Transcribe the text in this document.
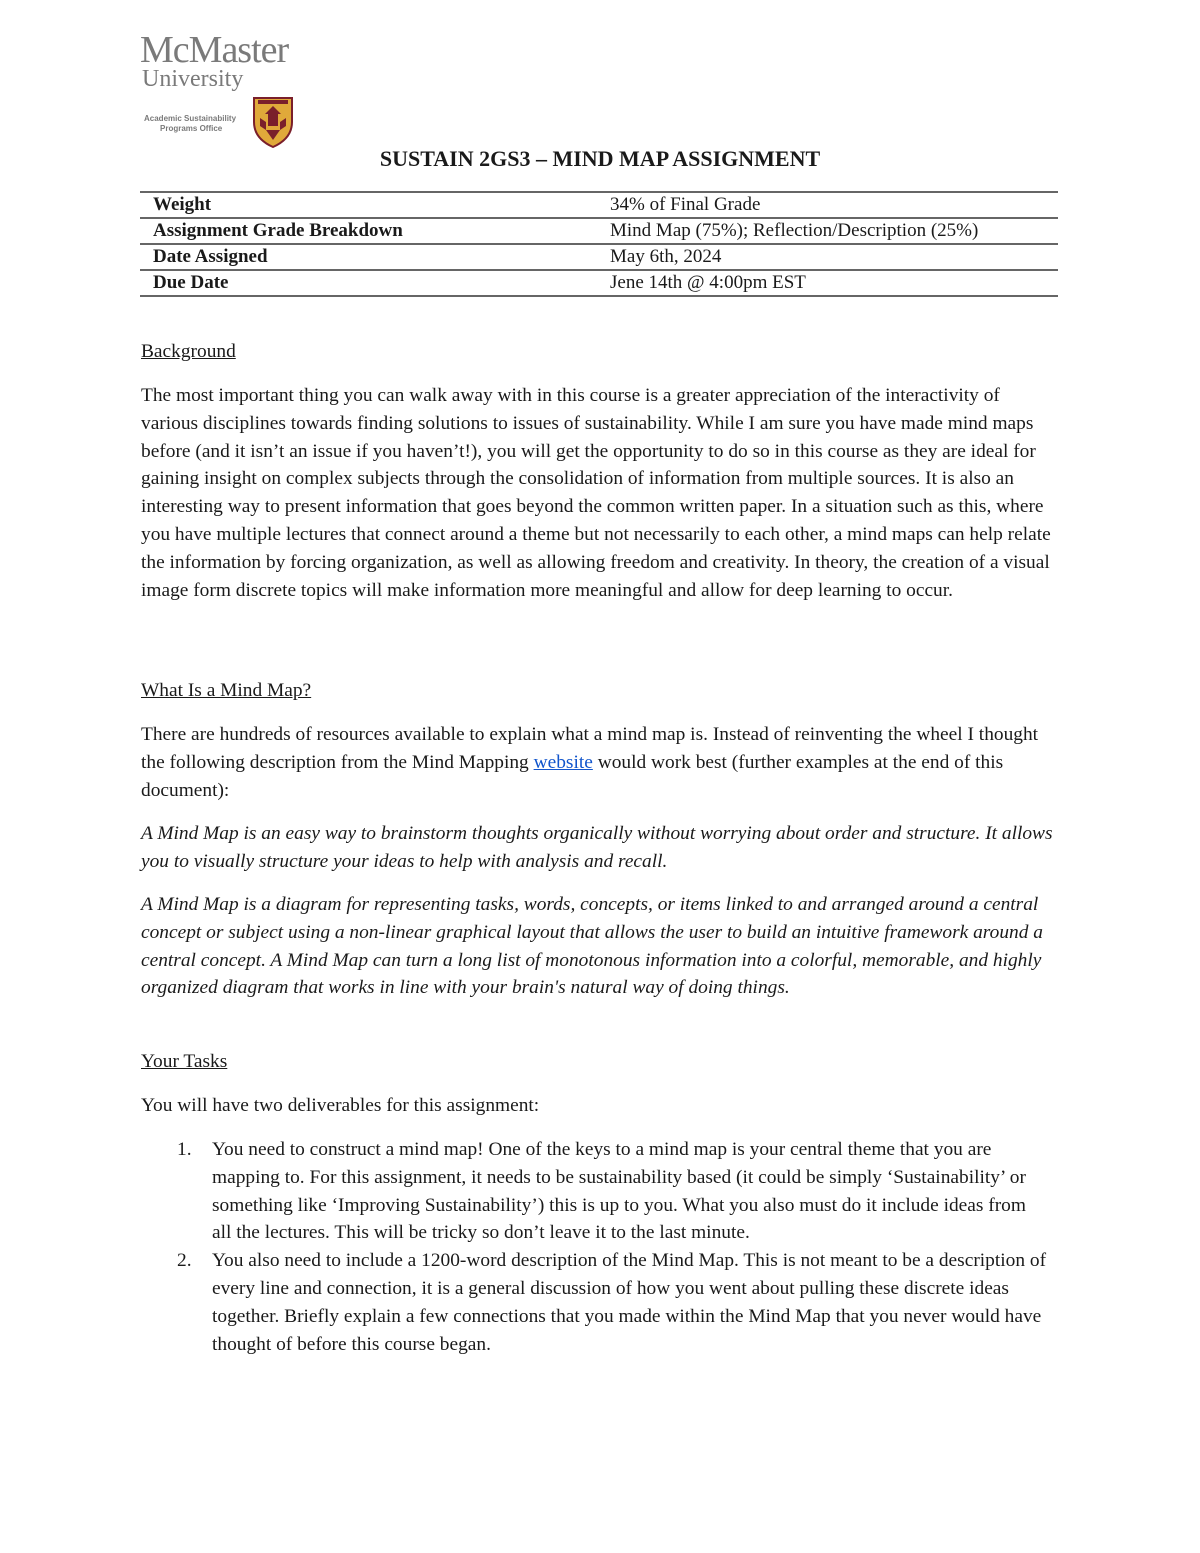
McMaster
University
Academic Sustainability
Programs Office
SUSTAIN 2GS3 – MIND MAP ASSIGNMENT
Weight	34% of Final Grade
Assignment Grade Breakdown	Mind Map (75%); Reflection/Description (25%)
Date Assigned	May 6th, 2024
Due Date	Jene 14th @ 4:00pm EST

Background

The most important thing you can walk away with in this course is a greater appreciation of the interactivity of various disciplines towards finding solutions to issues of sustainability. While I am sure you have made mind maps before (and it isn’t an issue if you haven’t!), you will get the opportunity to do so in this course as they are ideal for gaining insight on complex subjects through the consolidation of information from multiple sources. It is also an interesting way to present information that goes beyond the common written paper. In a situation such as this, where you have multiple lectures that connect around a theme but not necessarily to each other, a mind maps can help relate the information by forcing organization, as well as allowing freedom and creativity. In theory, the creation of a visual image form discrete topics will make information more meaningful and allow for deep learning to occur.

What Is a Mind Map?

There are hundreds of resources available to explain what a mind map is. Instead of reinventing the wheel I thought the following description from the Mind Mapping website would work best (further examples at the end of this document):

A Mind Map is an easy way to brainstorm thoughts organically without worrying about order and structure. It allows you to visually structure your ideas to help with analysis and recall.

A Mind Map is a diagram for representing tasks, words, concepts, or items linked to and arranged around a central concept or subject using a non-linear graphical layout that allows the user to build an intuitive framework around a central concept. A Mind Map can turn a long list of monotonous information into a colorful, memorable, and highly organized diagram that works in line with your brain's natural way of doing things.

Your Tasks

You will have two deliverables for this assignment:

1. You need to construct a mind map! One of the keys to a mind map is your central theme that you are mapping to. For this assignment, it needs to be sustainability based (it could be simply ‘Sustainability’ or something like ‘Improving Sustainability’) this is up to you. What you also must do it include ideas from all the lectures. This will be tricky so don’t leave it to the last minute.
2. You also need to include a 1200-word description of the Mind Map. This is not meant to be a description of every line and connection, it is a general discussion of how you went about pulling these discrete ideas together. Briefly explain a few connections that you made within the Mind Map that you never would have thought of before this course began.
